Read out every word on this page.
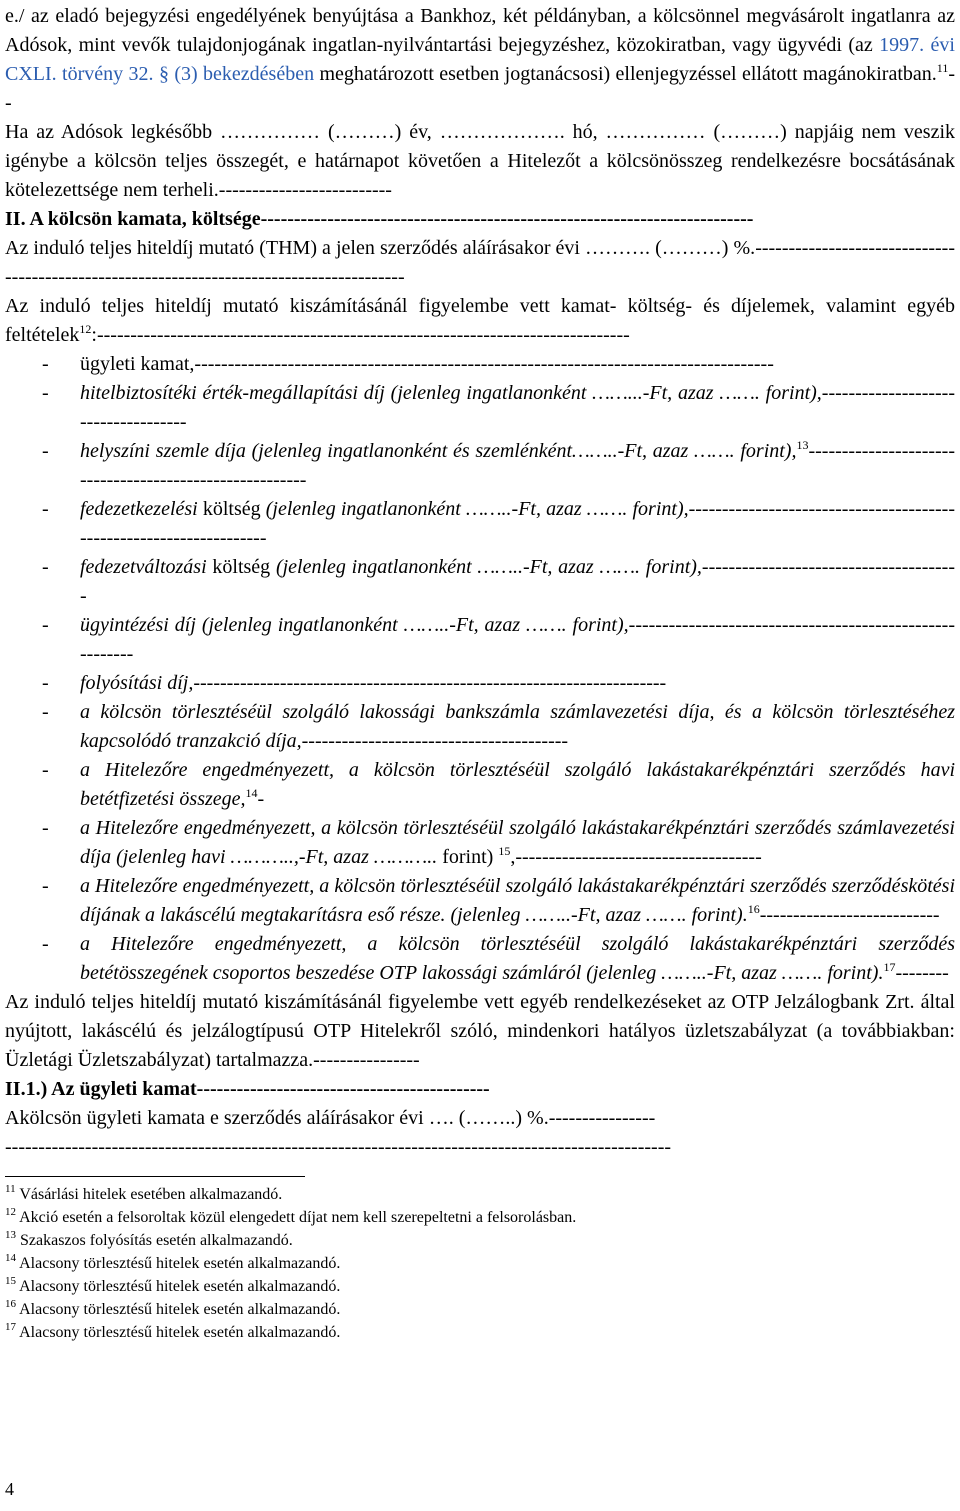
e./ az eladó bejegyzési engedélyének benyújtása a Bankhoz, két példányban, a kölcsönnel megvásárolt ingatlanra az Adósok, mint vevők tulajdonjogának ingatlan-nyilvántartási bejegyzéshez, közokiratban, vagy ügyvédi (az 1997. évi CXLI. törvény 32. § (3) bekezdésében meghatározott esetben jogtanácsosi) ellenjegyzéssel ellátott magánokiratban.$^{11}$- -

Ha az Adósok legkésőbb …………… (………) év, ………………. hó, …………… (………) napjáig nem veszik igénybe a kölcsön teljes összegét, e határnapot követően a Hitelezőt a kölcsönösszeg rendelkezésre bocsátásának kötelezettsége nem terheli.--------------------------

II. A kölcsön kamata, költsége--------------------------------------------------------------------------

Az induló teljes hiteldíj mutató (THM) a jelen szerződés aláírásakor évi ………. (………) %.------------------------------------------------------------------------------------------

Az induló teljes hiteldíj mutató kiszámításánál figyelembe vett kamat- költség- és díjelemek, valamint egyéb feltételek$^{12}$:--------------------------------------------------------------------------------

- ügyleti kamat,---------------------------------------------------------------------------------------
- hitelbiztosítéki érték-megállapítási díj (jelenleg ingatlanonként ……...-Ft, azaz ……. forint),------------------------------------
- helyszíni szemle díja (jelenleg ingatlanonként és szemlénként……..-Ft, azaz ……. forint),$^{13}$--------------------------------------------------------
- fedezetkezelési költség (jelenleg ingatlanonként ……..-Ft, azaz ……. forint),--------------------------------------------------------------------
- fedezetváltozási költség (jelenleg ingatlanonként ……..-Ft, azaz ……. forint),---------------------------------------
- ügyintézési díj (jelenleg ingatlanonként ……..-Ft, azaz ……. forint),---------------------------------------------------------
- folyósítási díj,-----------------------------------------------------------------------
- a kölcsön törlesztéséül szolgáló lakossági bankszámla számlavezetési díja, és a kölcsön törlesztéséhez kapcsolódó tranzakció díja,----------------------------------------
- a Hitelezőre engedményezett, a kölcsön törlesztéséül szolgáló lakástakarékpénztári szerződés havi betétfizetési összege,$^{14}$-
- a Hitelezőre engedményezett, a kölcsön törlesztéséül szolgáló lakástakarékpénztári szerződés számlavezetési díja (jelenleg havi ………..,-Ft, azaz ……….. forint) $^{15}$,-------------------------------------
- a Hitelezőre engedményezett, a kölcsön törlesztéséül szolgáló lakástakarékpénztári szerződés szerződéskötési díjának a lakáscélú megtakarításra eső része. (jelenleg ……..-Ft, azaz ……. forint).$^{16}$---------------------------
- a Hitelezőre engedményezett, a kölcsön törlesztéséül szolgáló lakástakarékpénztári szerződés betétösszegének csoportos beszedése OTP lakossági számláról (jelenleg ……..-Ft, azaz ……. forint).$^{17}$--------

Az induló teljes hiteldíj mutató kiszámításánál figyelembe vett egyéb rendelkezéseket az OTP Jelzálogbank Zrt. által nyújtott, lakáscélú és jelzálogtípusú OTP Hitelekről szóló, mindenkori hatályos üzletszabályzat (a továbbiakban: Üzletági Üzletszabályzat) tartalmazza.----------------

II.1.) Az ügyleti kamat--------------------------------------------

Akölcsön ügyleti kamata e szerződés aláírásakor évi …. (……..) %.----------------

----------------------------------------------------------------------------------------------------

$^{11}$ Vásárlási hitelek esetében alkalmazandó.
$^{12}$ Akció esetén a felsoroltak közül elengedett díjat nem kell szerepeltetni a felsorolásban.
$^{13}$ Szakaszos folyósítás esetén alkalmazandó.
$^{14}$ Alacsony törlesztésű hitelek esetén alkalmazandó.
$^{15}$ Alacsony törlesztésű hitelek esetén alkalmazandó.
$^{16}$ Alacsony törlesztésű hitelek esetén alkalmazandó.
$^{17}$ Alacsony törlesztésű hitelek esetén alkalmazandó.
4
